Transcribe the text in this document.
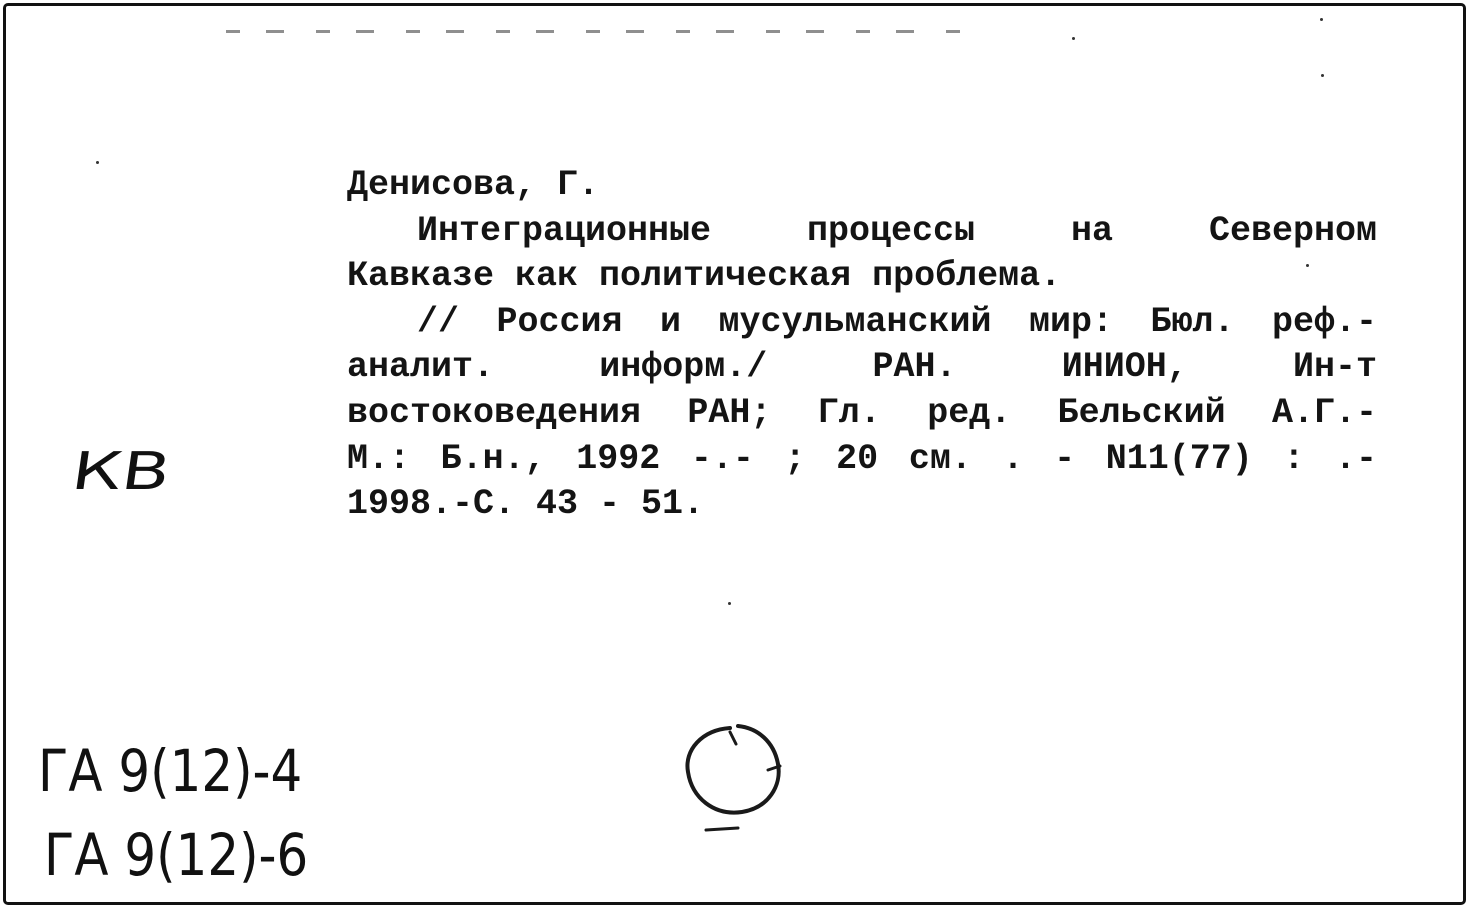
Денисова, Г.
Интеграционные процессы на Северном
Кавказе как политическая проблема.
// Россия и мусульманский мир: Бюл. реф.-
аналит. информ./ РАН. ИНИОН, Ин-т
востоковедения РАН; Гл. ред. Бельский А.Г.-
М.: Б.н., 1992 -.- ; 20 см. . - N11(77) : .-
1998.-С. 43 - 51.
КВ
ГА 9(12)-4
ГА 9(12)-6
